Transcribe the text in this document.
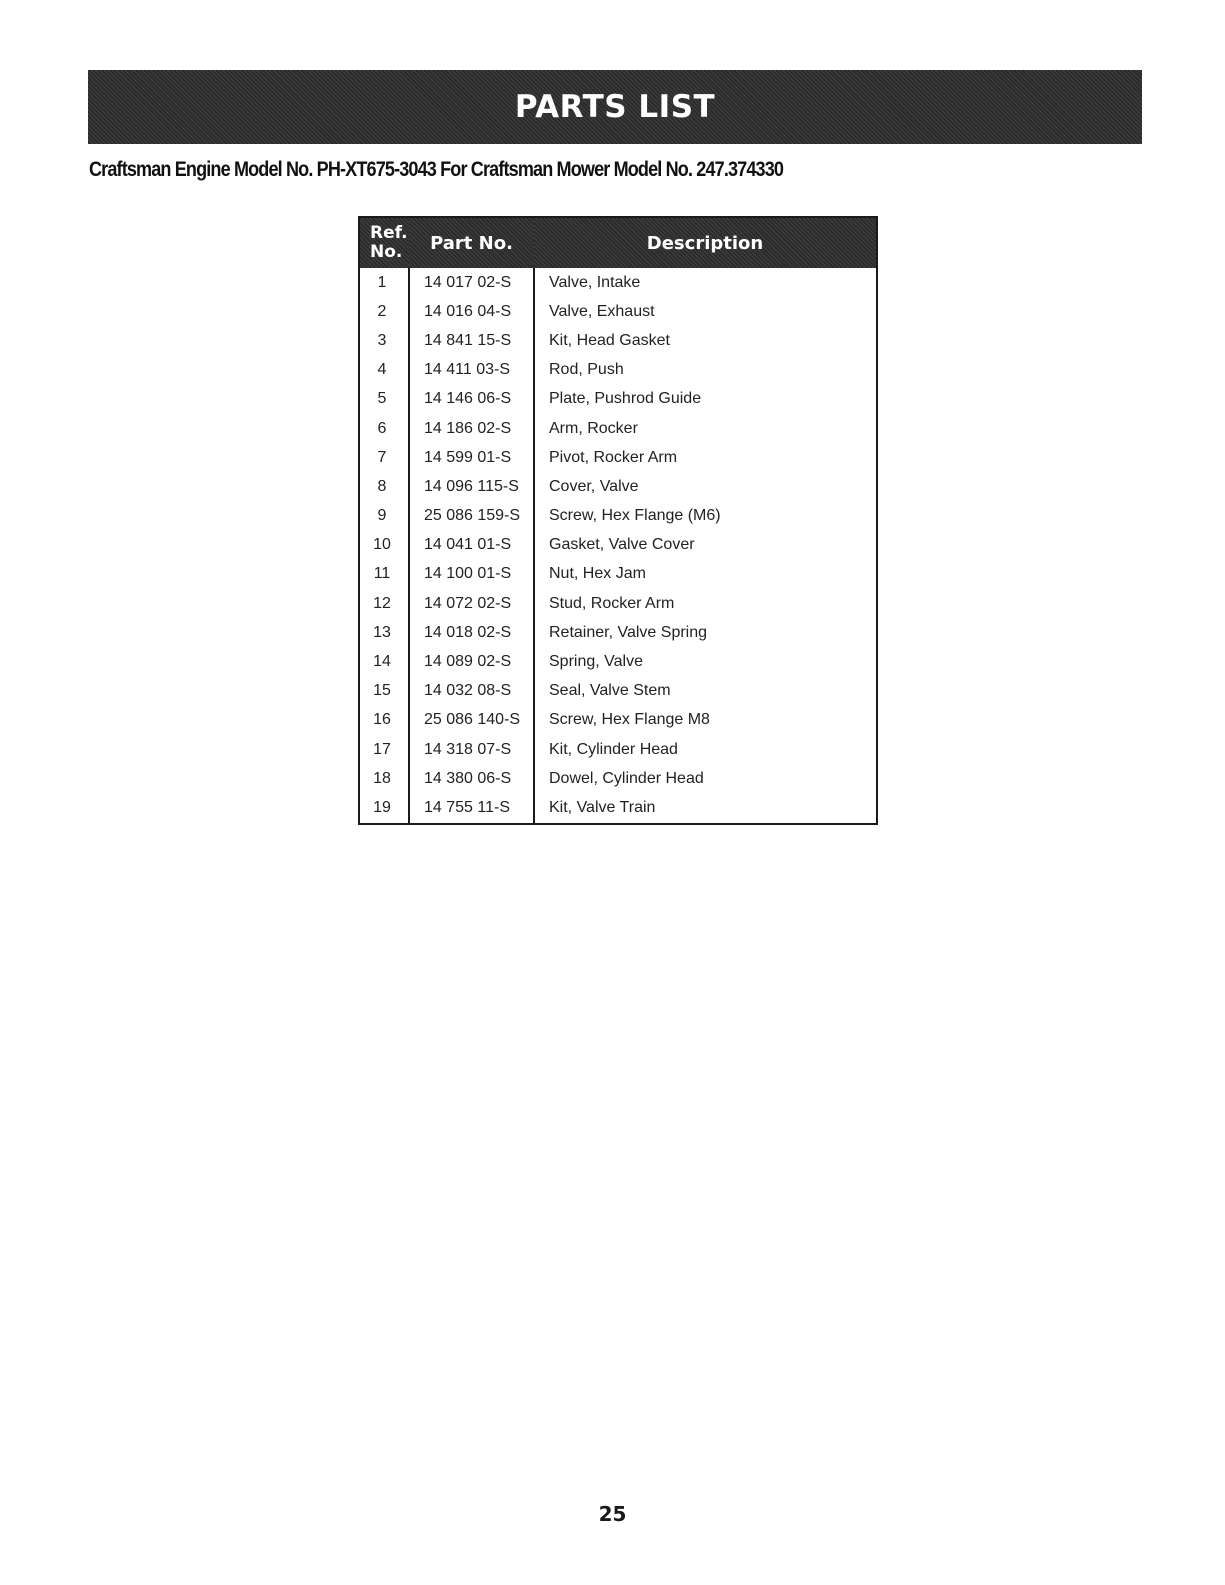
PARTS LIST
Craftsman Engine Model No. PH-XT675-3043 For Craftsman Mower Model No. 247.374330
Ref.
No.	Part No.	Description
1	14 017 02-S	Valve, Intake
2	14 016 04-S	Valve, Exhaust
3	14 841 15-S	Kit, Head Gasket
4	14 411 03-S	Rod, Push
5	14 146 06-S	Plate, Pushrod Guide
6	14 186 02-S	Arm, Rocker
7	14 599 01-S	Pivot, Rocker Arm
8	14 096 115-S	Cover, Valve
9	25 086 159-S	Screw, Hex Flange (M6)
10	14 041 01-S	Gasket, Valve Cover
11	14 100 01-S	Nut, Hex Jam
12	14 072 02-S	Stud, Rocker Arm
13	14 018 02-S	Retainer, Valve Spring
14	14 089 02-S	Spring, Valve
15	14 032 08-S	Seal, Valve Stem
16	25 086 140-S	Screw, Hex Flange M8
17	14 318 07-S	Kit, Cylinder Head
18	14 380 06-S	Dowel, Cylinder Head
19	14 755 11-S	Kit, Valve Train
25
